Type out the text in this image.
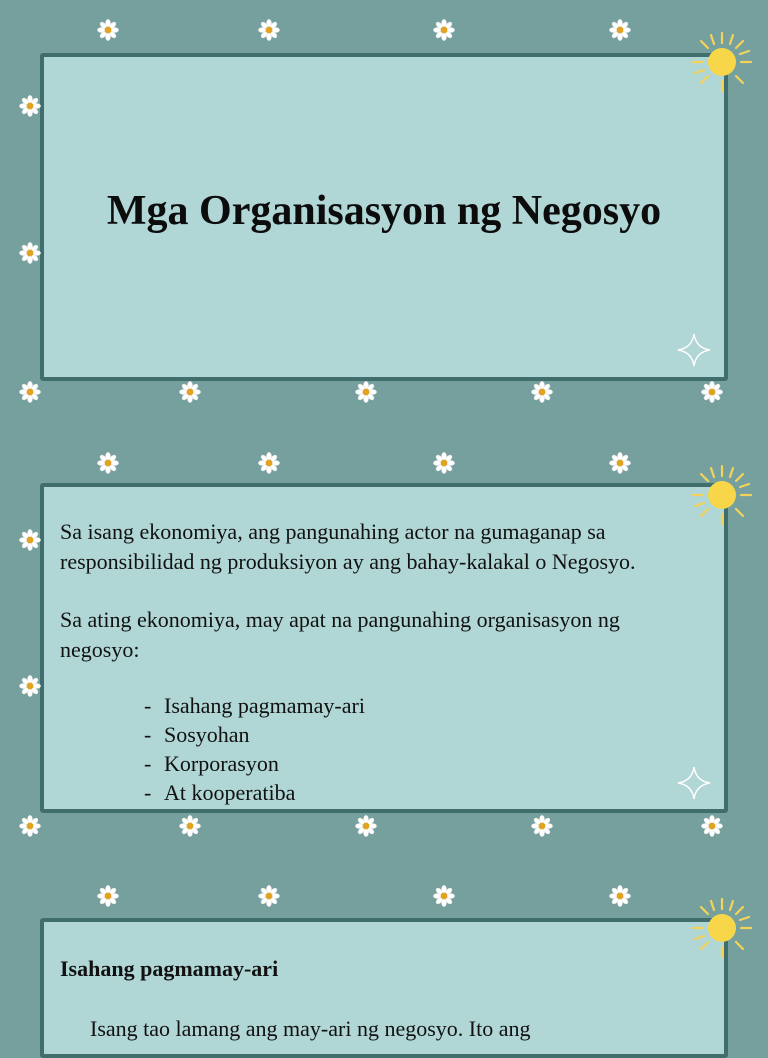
Mga Organisasyon ng Negosyo
Sa isang ekonomiya, ang pangunahing actor na gumaganap sa responsibilidad ng produksiyon ay ang bahay-kalakal o Negosyo.
Sa ating ekonomiya, may apat na pangunahing organisasyon ng negosyo:
- Isahang pagmamay-ari
- Sosyohan
- Korporasyon
- At kooperatiba
Isahang pagmamay-ari
Isang tao lamang ang may-ari ng negosyo. Ito ang
